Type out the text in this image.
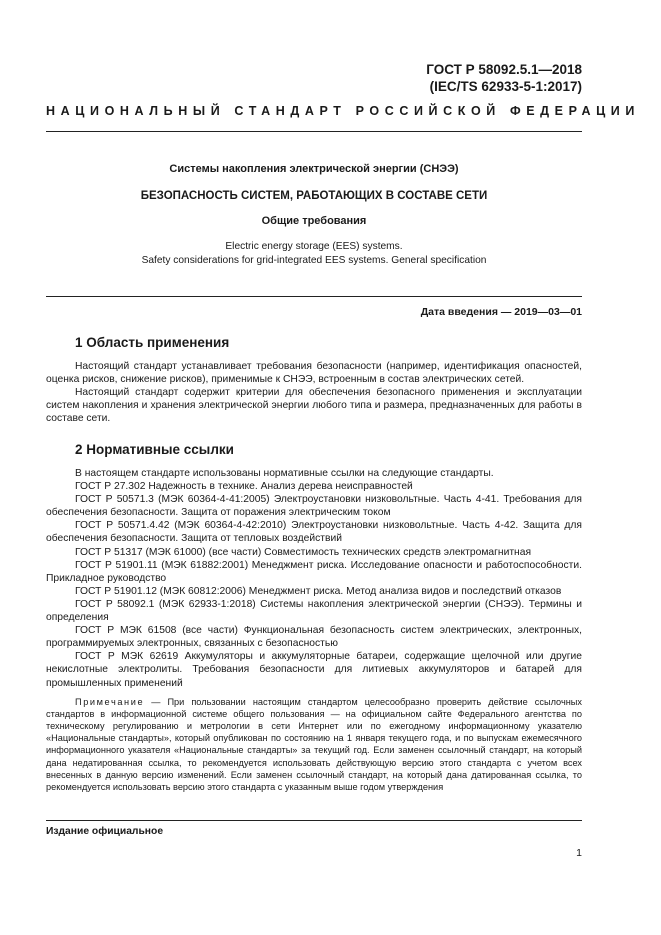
ГОСТ Р 58092.5.1—2018
(IEC/TS 62933-5-1:2017)
НАЦИОНАЛЬНЫЙ СТАНДАРТ РОССИЙСКОЙ ФЕДЕРАЦИИ
Системы накопления электрической энергии (СНЭЭ)
БЕЗОПАСНОСТЬ СИСТЕМ, РАБОТАЮЩИХ В СОСТАВЕ СЕТИ
Общие требования
Electric energy storage (EES) systems.
Safety considerations for grid-integrated EES systems. General specification
Дата введения — 2019—03—01
1 Область применения

Настоящий стандарт устанавливает требования безопасности (например, идентификация опасностей, оценка рисков, снижение рисков), применимые к СНЭЭ, встроенным в состав электрических сетей.

Настоящий стандарт содержит критерии для обеспечения безопасного применения и эксплуатации систем накопления и хранения электрической энергии любого типа и размера, предназначенных для работы в составе сети.

2 Нормативные ссылки

В настоящем стандарте использованы нормативные ссылки на следующие стандарты.

ГОСТ Р 27.302 Надежность в технике. Анализ дерева неисправностей

ГОСТ Р 50571.3 (МЭК 60364-4-41:2005) Электроустановки низковольтные. Часть 4-41. Требования для обеспечения безопасности. Защита от поражения электрическим током

ГОСТ Р 50571.4.42 (МЭК 60364-4-42:2010) Электроустановки низковольтные. Часть 4-42. Защита для обеспечения безопасности. Защита от тепловых воздействий

ГОСТ Р 51317 (МЭК 61000) (все части) Совместимость технических средств электромагнитная

ГОСТ Р 51901.11 (МЭК 61882:2001) Менеджмент риска. Исследование опасности и работоспособности. Прикладное руководство

ГОСТ Р 51901.12 (МЭК 60812:2006) Менеджмент риска. Метод анализа видов и последствий отказов

ГОСТ Р 58092.1 (МЭК 62933-1:2018) Системы накопления электрической энергии (СНЭЭ). Термины и определения

ГОСТ Р МЭК 61508 (все части) Функциональная безопасность систем электрических, электронных, программируемых электронных, связанных с безопасностью

ГОСТ Р МЭК 62619 Аккумуляторы и аккумуляторные батареи, содержащие щелочной или другие некислотные электролиты. Требования безопасности для литиевых аккумуляторов и батарей для промышленных применений

Примечание — При пользовании настоящим стандартом целесообразно проверить действие ссылочных стандартов в информационной системе общего пользования — на официальном сайте Федерального агентства по техническому регулированию и метрологии в сети Интернет или по ежегодному информационному указателю «Национальные стандарты», который опубликован по состоянию на 1 января текущего года, и по выпускам ежемесячного информационного указателя «Национальные стандарты» за текущий год. Если заменен ссылочный стандарт, на который дана недатированная ссылка, то рекомендуется использовать действующую версию этого стандарта с учетом всех внесенных в данную версию изменений. Если заменен ссылочный стандарт, на который дана датированная ссылка, то рекомендуется использовать версию этого стандарта с указанным выше годом утверждения

Издание официальное
1
